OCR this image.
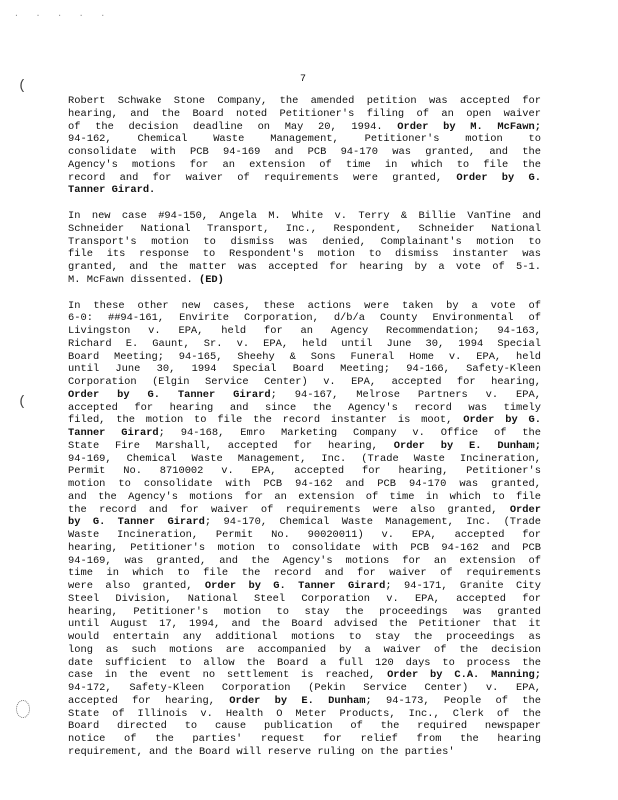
. . . . .
7
(
(

Robert Schwake Stone Company, the amended petition was accepted for
hearing, and the Board noted Petitioner's filing of an open waiver
of the decision deadline on May 20, 1994. Order by M. McFawn;
94-162, Chemical Waste Management, Petitioner's motion to
consolidate with PCB 94-169 and PCB 94-170 was granted, and the
Agency's motions for an extension of time in which to file the
record and for waiver of requirements were granted, Order by G.
Tanner Girard.

In new case #94-150, Angela M. White v. Terry & Billie VanTine and
Schneider National Transport, Inc., Respondent, Schneider National
Transport's motion to dismiss was denied, Complainant's motion to
file its response to Respondent's motion to dismiss instanter was
granted, and the matter was accepted for hearing by a vote of 5-1.
M. McFawn dissented. (ED)

In these other new cases, these actions were taken by a vote of
6-0: ##94-161, Envirite Corporation, d/b/a County Environmental of
Livingston v. EPA, held for an Agency Recommendation; 94-163,
Richard E. Gaunt, Sr. v. EPA, held until June 30, 1994 Special
Board Meeting; 94-165, Sheehy & Sons Funeral Home v. EPA, held
until June 30, 1994 Special Board Meeting; 94-166, Safety-Kleen
Corporation (Elgin Service Center) v. EPA, accepted for hearing,
Order by G. Tanner Girard; 94-167, Melrose Partners v. EPA,
accepted for hearing and since the Agency's record was timely
filed, the motion to file the record instanter is moot, Order by G.
Tanner Girard; 94-168, Emro Marketing Company v. Office of the
State Fire Marshall, accepted for hearing, Order by E. Dunham;
94-169, Chemical Waste Management, Inc. (Trade Waste Incineration,
Permit No. 8710002 v. EPA, accepted for hearing, Petitioner's
motion to consolidate with PCB 94-162 and PCB 94-170 was granted,
and the Agency's motions for an extension of time in which to file
the record and for waiver of requirements were also granted, Order
by G. Tanner Girard; 94-170, Chemical Waste Management, Inc. (Trade
Waste Incineration, Permit No. 90020011) v. EPA, accepted for
hearing, Petitioner's motion to consolidate with PCB 94-162 and PCB
94-169, was granted, and the Agency's motions for an extension of
time in which to file the record and for waiver of requirements
were also granted, Order by G. Tanner Girard; 94-171, Granite City
Steel Division, National Steel Corporation v. EPA, accepted for
hearing, Petitioner's motion to stay the proceedings was granted
until August 17, 1994, and the Board advised the Petitioner that it
would entertain any additional motions to stay the proceedings as
long as such motions are accompanied by a waiver of the decision
date sufficient to allow the Board a full 120 days to process the
case in the event no settlement is reached, Order by C.A. Manning;
94-172, Safety-Kleen Corporation (Pekin Service Center) v. EPA,
accepted for hearing, Order by E. Dunham; 94-173, People of the
State of Illinois v. Health O Meter Products, Inc., Clerk of the
Board directed to cause publication of the required newspaper
notice of the parties' request for relief from the hearing
requirement, and the Board will reserve ruling on the parties'
